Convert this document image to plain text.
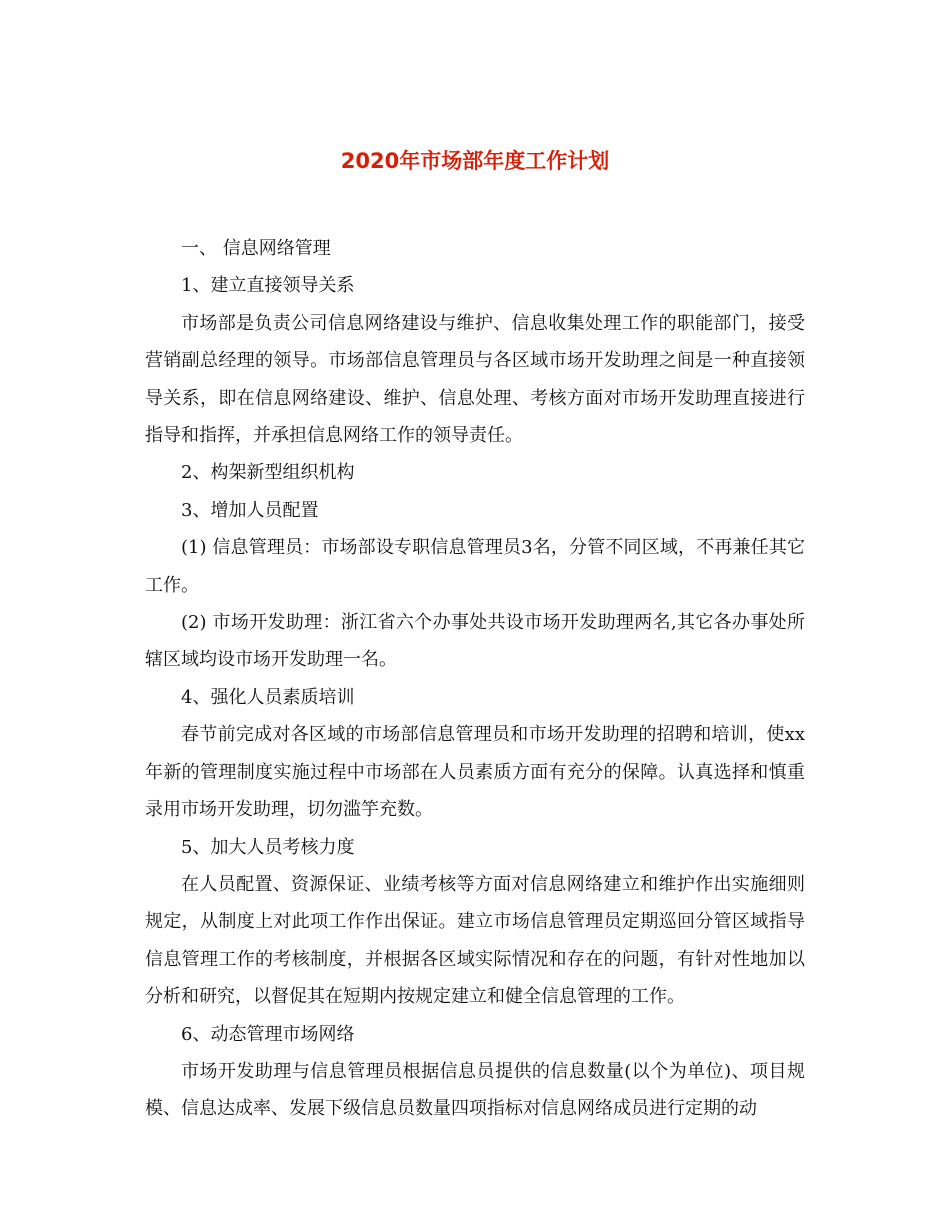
2020年市场部年度工作计划

一、 信息网络管理

1、建立直接领导关系

市场部是负责公司信息网络建设与维护、信息收集处理工作的职能部门，接受营销副总经理的领导。市场部信息管理员与各区域市场开发助理之间是一种直接领导关系，即在信息网络建设、维护、信息处理、考核方面对市场开发助理直接进行指导和指挥，并承担信息网络工作的领导责任。

2、构架新型组织机构

3、增加人员配置

(1) 信息管理员：市场部设专职信息管理员3名，分管不同区域，不再兼任其它工作。

(2) 市场开发助理：浙江省六个办事处共设市场开发助理两名,其它各办事处所辖区域均设市场开发助理一名。

4、强化人员素质培训

春节前完成对各区域的市场部信息管理员和市场开发助理的招聘和培训，使xx年新的管理制度实施过程中市场部在人员素质方面有充分的保障。认真选择和慎重录用市场开发助理，切勿滥竽充数。

5、加大人员考核力度

在人员配置、资源保证、业绩考核等方面对信息网络建立和维护作出实施细则规定，从制度上对此项工作作出保证。建立市场信息管理员定期巡回分管区域指导信息管理工作的考核制度，并根据各区域实际情况和存在的问题，有针对性地加以分析和研究，以督促其在短期内按规定建立和健全信息管理的工作。

6、动态管理市场网络

市场开发助理与信息管理员根据信息员提供的信息数量(以个为单位)、项目规模、信息达成率、发展下级信息员数量四项指标对信息网络成员进行定期的动
